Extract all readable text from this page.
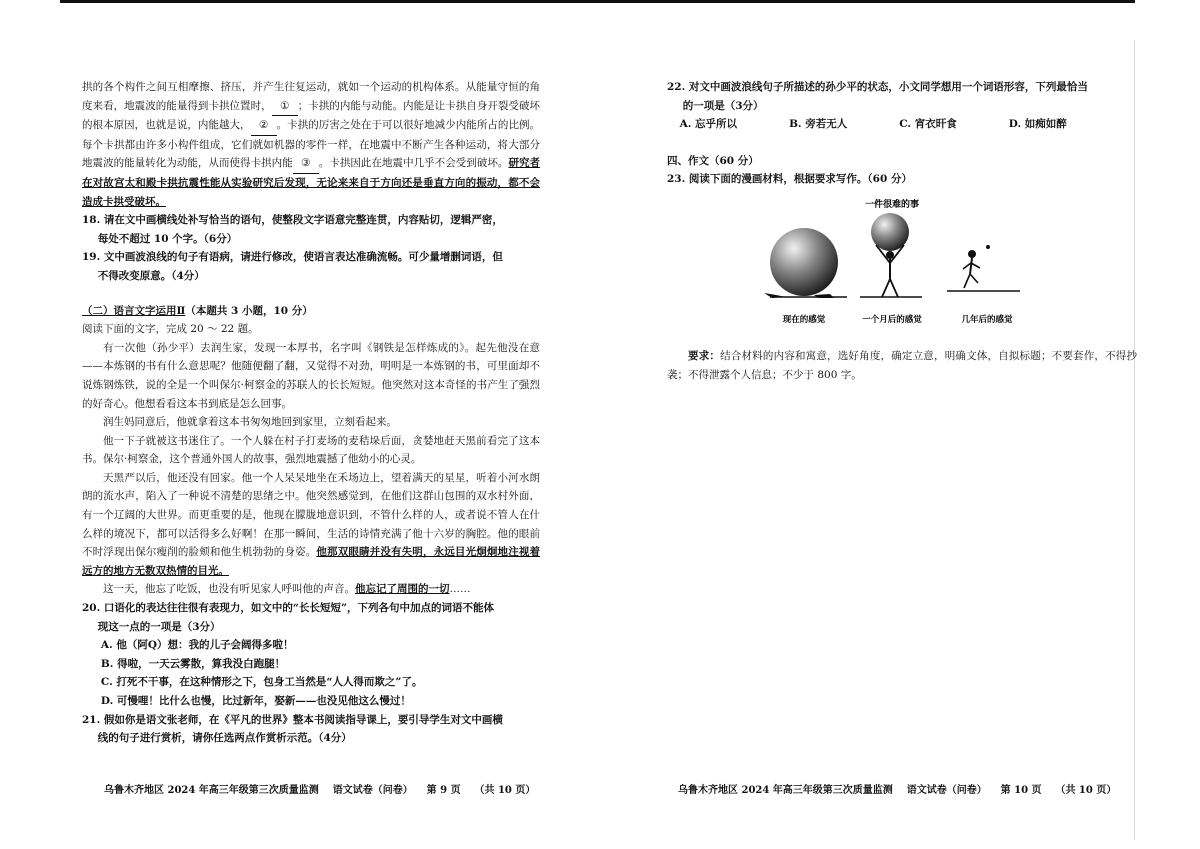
拱的各个构件之间互相摩擦、挤压，并产生往复运动，就如一个运动的机构体系。从能量守恒的角度来看，地震波的能量得到卡拱位置时， ① ；卡拱的内能与动能。内能是让卡拱自身开裂受破坏的根本原因，也就是说，内能越大， ② 。卡拱的厉害之处在于可以很好地减少内能所占的比例。每个卡拱都由许多小构件组成，它们就如机器的零件一样，在地震中不断产生各种运动，将大部分地震波的能量转化为动能，从而使得卡拱内能 ③ 。卡拱因此在地震中几乎不会受到破坏。研究者在对故宫太和殿卡拱抗震性能从实验研究后发现，无论来来自于方向还是垂直方向的振动，都不会造成卡拱受破坏。

18. 请在文中画横线处补写恰当的语句，使整段文字语意完整连贯，内容贴切，逻辑严密，

每处不超过 10 个字。（6分）

19. 文中画波浪线的句子有语病，请进行修改，使语言表达准确流畅。可少量增删词语，但

不得改变原意。（4分）

（二）语言文字运用Ⅱ（本题共 3 小题，10 分）

阅读下面的文字，完成 20 ～ 22 题。

有一次他（孙少平）去润生家，发现一本厚书，名字叫《钢铁是怎样炼成的》。起先他没在意——本炼钢的书有什么意思呢？他随便翻了翻，又觉得不对劲，明明是一本炼钢的书，可里面却不说炼钢炼铁，说的全是一个叫保尔·柯察金的苏联人的长长短短。他突然对这本奇怪的书产生了强烈的好奇心。他想看看这本书到底是怎么回事。

润生妈同意后，他就拿着这本书匆匆地回到家里，立刻看起来。

他一下子就被这书迷住了。一个人躲在村子打麦场的麦秸垛后面，贪婪地赶天黑前看完了这本书。保尔·柯察金，这个普通外国人的故事，强烈地震撼了他幼小的心灵。

天黑严以后，他还没有回家。他一个人呆呆地坐在禾场边上，望着满天的星星，听着小河水朗朗的流水声，陷入了一种说不清楚的思绪之中。他突然感觉到，在他们这群山包围的双水村外面，有一个辽阔的大世界。而更重要的是，他现在朦胧地意识到，不管什么样的人，或者说不管人在什么样的境况下，都可以活得多么好啊！在那一瞬间，生活的诗情充满了他十六岁的胸腔。他的眼前不时浮现出保尔瘦削的脸颊和他生机勃勃的身姿。他那双眼睛并没有失明，永远目光炯炯地注视着远方的地方无数双热情的目光。

这一天，他忘了吃饭，也没有听见家人呼叫他的声音。他忘记了周围的一切……

20. 口语化的表达往往很有表现力，如文中的“长长短短”，下列各句中加点的词语不能体

现这一点的一项是（3分）

A. 他（阿Q）想：我的儿子会阔得多啦！

B. 得啦，一天云雾散，算我没白跑腿！

C. 打死不干事，在这种情形之下，包身工当然是“人人得而欺之”了。

D. 可慢哩！比什么也慢，比过新年，娶新——也没见他这么慢过！

21. 假如你是语文张老师，在《平凡的世界》整本书阅读指导课上，要引导学生对文中画横

线的句子进行赏析，请你任选两点作赏析示范。（4分）

乌鲁木齐地区 2024 年高三年级第三次质量监测    语文试卷（问卷）    第 9 页    （共 10 页）

22. 对文中画波浪线句子所描述的孙少平的状态，小文同学想用一个词语形容，下列最恰当

的一项是（3分）

A. 忘乎所以	B. 旁若无人	C. 宵衣旰食	D. 如痴如醉

四、作文（60 分）

23. 阅读下面的漫画材料，根据要求写作。（60 分）

要求：结合材料的内容和寓意，选好角度，确定立意，明确文体，自拟标题；不要套作，不得抄袭；不得泄露个人信息；不少于 800 字。

一件很难的事
现在的感觉	一个月后的感觉	几年后的感觉
乌鲁木齐地区 2024 年高三年级第三次质量监测    语文试卷（问卷）    第 10 页    （共 10 页）
